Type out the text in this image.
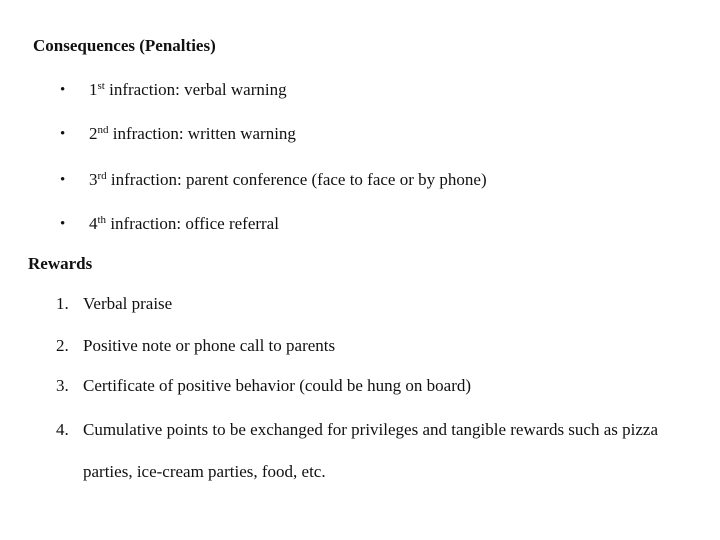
Consequences (Penalties)
• 1st infraction: verbal warning
• 2nd infraction: written warning
• 3rd infraction: parent conference (face to face or by phone)
• 4th infraction: office referral
Rewards
1. Verbal praise
2. Positive note or phone call to parents
3. Certificate of positive behavior (could be hung on board)
4. Cumulative points to be exchanged for privileges and tangible rewards such as pizza
parties, ice-cream parties, food, etc.
